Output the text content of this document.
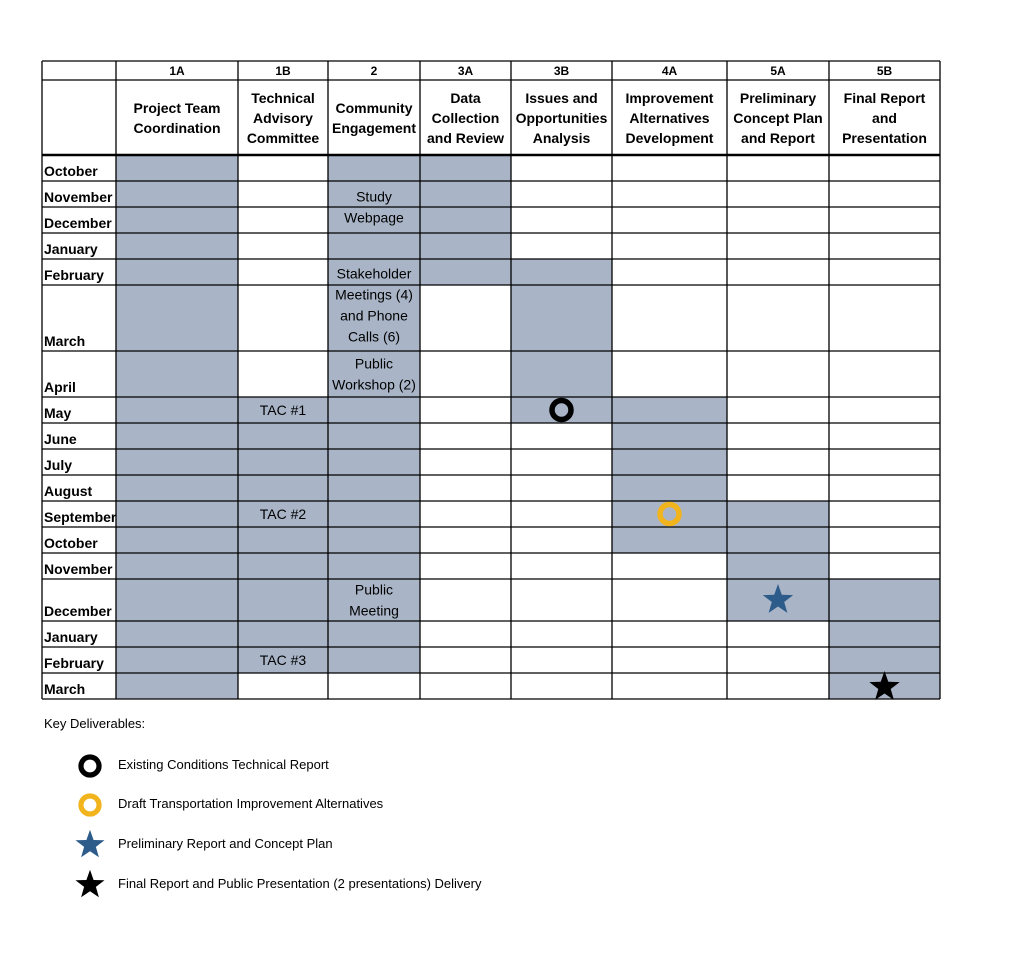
1A
Project Team
Coordination
1B
Technical
Advisory
Committee
2
Community
Engagement
3A
Data
Collection
and Review
3B
Issues and
Opportunities
Analysis
4A
Improvement
Alternatives
Development
5A
Preliminary
Concept Plan
and Report
5B
Final Report
and
Presentation
October
November
December
January
February
March
April
May
June
July
August
September
October
November
December
January
February
March
Study
Webpage
Stakeholder
Meetings (4)
and Phone
Calls (6)
Public
Workshop (2)
TAC #1
TAC #2
Public
Meeting
TAC #3
Key Deliverables:
Existing Conditions Technical Report
Draft Transportation Improvement Alternatives
Preliminary Report and Concept Plan
Final Report and Public Presentation (2 presentations) Delivery
